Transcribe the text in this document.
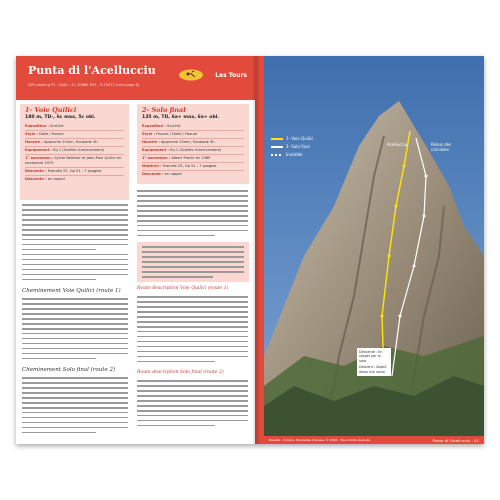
Punta di l'Acellucciu
GPS parking P1 : N/A0 - 41.70880 E07 - 9.22472 (voir page 6)
Les Tours
1- Voie Quilici
180 m, TD-, 6c max, 5c obl.
Exposition : Sud-Est
Style : Dalle / fissure
Horaire : Approche 25min, Escalade 3h
Equipement : Eq 1 (Scellés d'anniversaire)
1° ascension : Sylvie Bellivier et Jean-Paul Quilici en novembre 1979
Descente : Francée 25, Gp 51 - 7 spagles
Descente : en rappel
2- Solo final
135 m, TD, 6a+ max, 6a+ obl.
Exposition : Sud-Est
Style : Fissure / Dalle / Fissure
Horaire : Approche 25min, Escalade 3h
Equipement : Eq 1 (Scellés d'anniversaire)
1° ascension : Albert Prechi en 1989
Matériel : Francée 25, Gp 51 - 7 spagles
Descente : en rappel
Cheminement Voie Quilici (route 1)
Cheminement Solo final (route 2)
Route description Voie Quilici (route 1)
Route description Solo final (route 2)
1- Voie Quilici
2- Solo final
Invisible
Acellucciu	Relais des carnioles
Descente : En rappel par la voie.
Descent : Abseil down the route.
Bavella - Corsica. Escalades choisies. © 2020 - Tous droits réservés	Punta di l'Acellucciu - 41
